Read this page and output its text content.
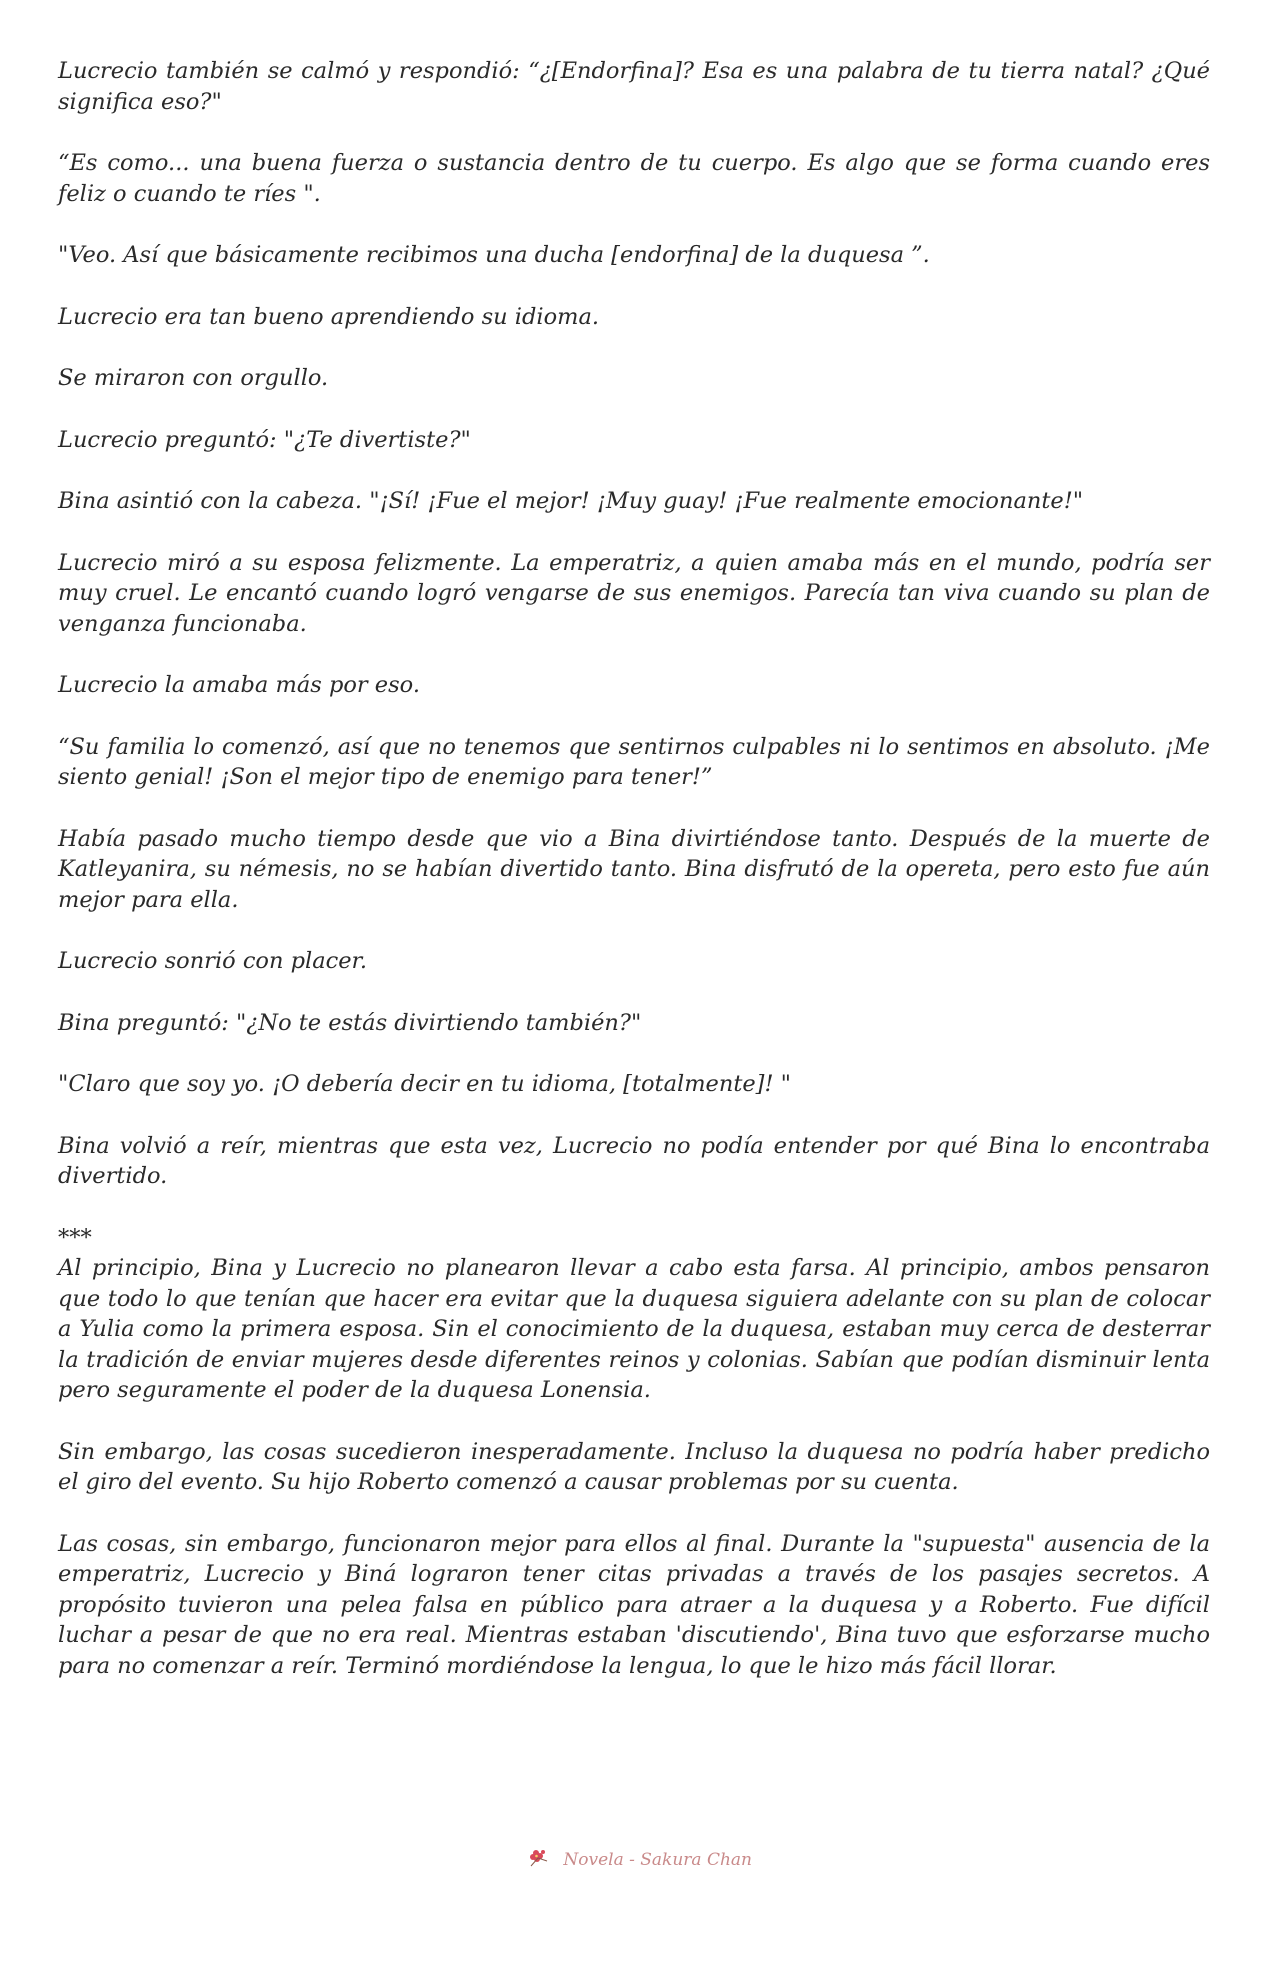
Lucrecio también se calmó y respondió: “¿[Endorfina]? Esa es una palabra de tu tierra natal? ¿Qué significa eso?"

“Es como... una buena fuerza o sustancia dentro de tu cuerpo. Es algo que se forma cuando eres feliz o cuando te ríes ".

"Veo. Así que básicamente recibimos una ducha [endorfina] de la duquesa ”.

Lucrecio era tan bueno aprendiendo su idioma.

Se miraron con orgullo.

Lucrecio preguntó: "¿Te divertiste?"

Bina asintió con la cabeza. "¡Sí! ¡Fue el mejor! ¡Muy guay! ¡Fue realmente emocionante!"

Lucrecio miró a su esposa felizmente. La emperatriz, a quien amaba más en el mundo, podría ser muy cruel. Le encantó cuando logró vengarse de sus enemigos. Parecía tan viva cuando su plan de venganza funcionaba.

Lucrecio la amaba más por eso.

“Su familia lo comenzó, así que no tenemos que sentirnos culpables ni lo sentimos en absoluto. ¡Me siento genial! ¡Son el mejor tipo de enemigo para tener!”

Había pasado mucho tiempo desde que vio a Bina divirtiéndose tanto. Después de la muerte de Katleyanira, su némesis, no se habían divertido tanto. Bina disfrutó de la opereta, pero esto fue aún mejor para ella.

Lucrecio sonrió con placer.

Bina preguntó: "¿No te estás divirtiendo también?"

"Claro que soy yo. ¡O debería decir en tu idioma, [totalmente]! "

Bina volvió a reír, mientras que esta vez, Lucrecio no podía entender por qué Bina lo encontraba divertido.

***

Al principio, Bina y Lucrecio no planearon llevar a cabo esta farsa. Al principio, ambos pensaron que todo lo que tenían que hacer era evitar que la duquesa siguiera adelante con su plan de colocar a Yulia como la primera esposa. Sin el conocimiento de la duquesa, estaban muy cerca de desterrar la tradición de enviar mujeres desde diferentes reinos y colonias. Sabían que podían disminuir lenta pero seguramente el poder de la duquesa Lonensia.

Sin embargo, las cosas sucedieron inesperadamente. Incluso la duquesa no podría haber predicho el giro del evento. Su hijo Roberto comenzó a causar problemas por su cuenta.

Las cosas, sin embargo, funcionaron mejor para ellos al final. Durante la "supuesta" ausencia de la emperatriz, Lucrecio y Biná lograron tener citas privadas a través de los pasajes secretos. A propósito tuvieron una pelea falsa en público para atraer a la duquesa y a Roberto. Fue difícil luchar a pesar de que no era real. Mientras estaban 'discutiendo', Bina tuvo que esforzarse mucho para no comenzar a reír. Terminó mordiéndose la lengua, lo que le hizo más fácil llorar.

Novela - Sakura Chan
